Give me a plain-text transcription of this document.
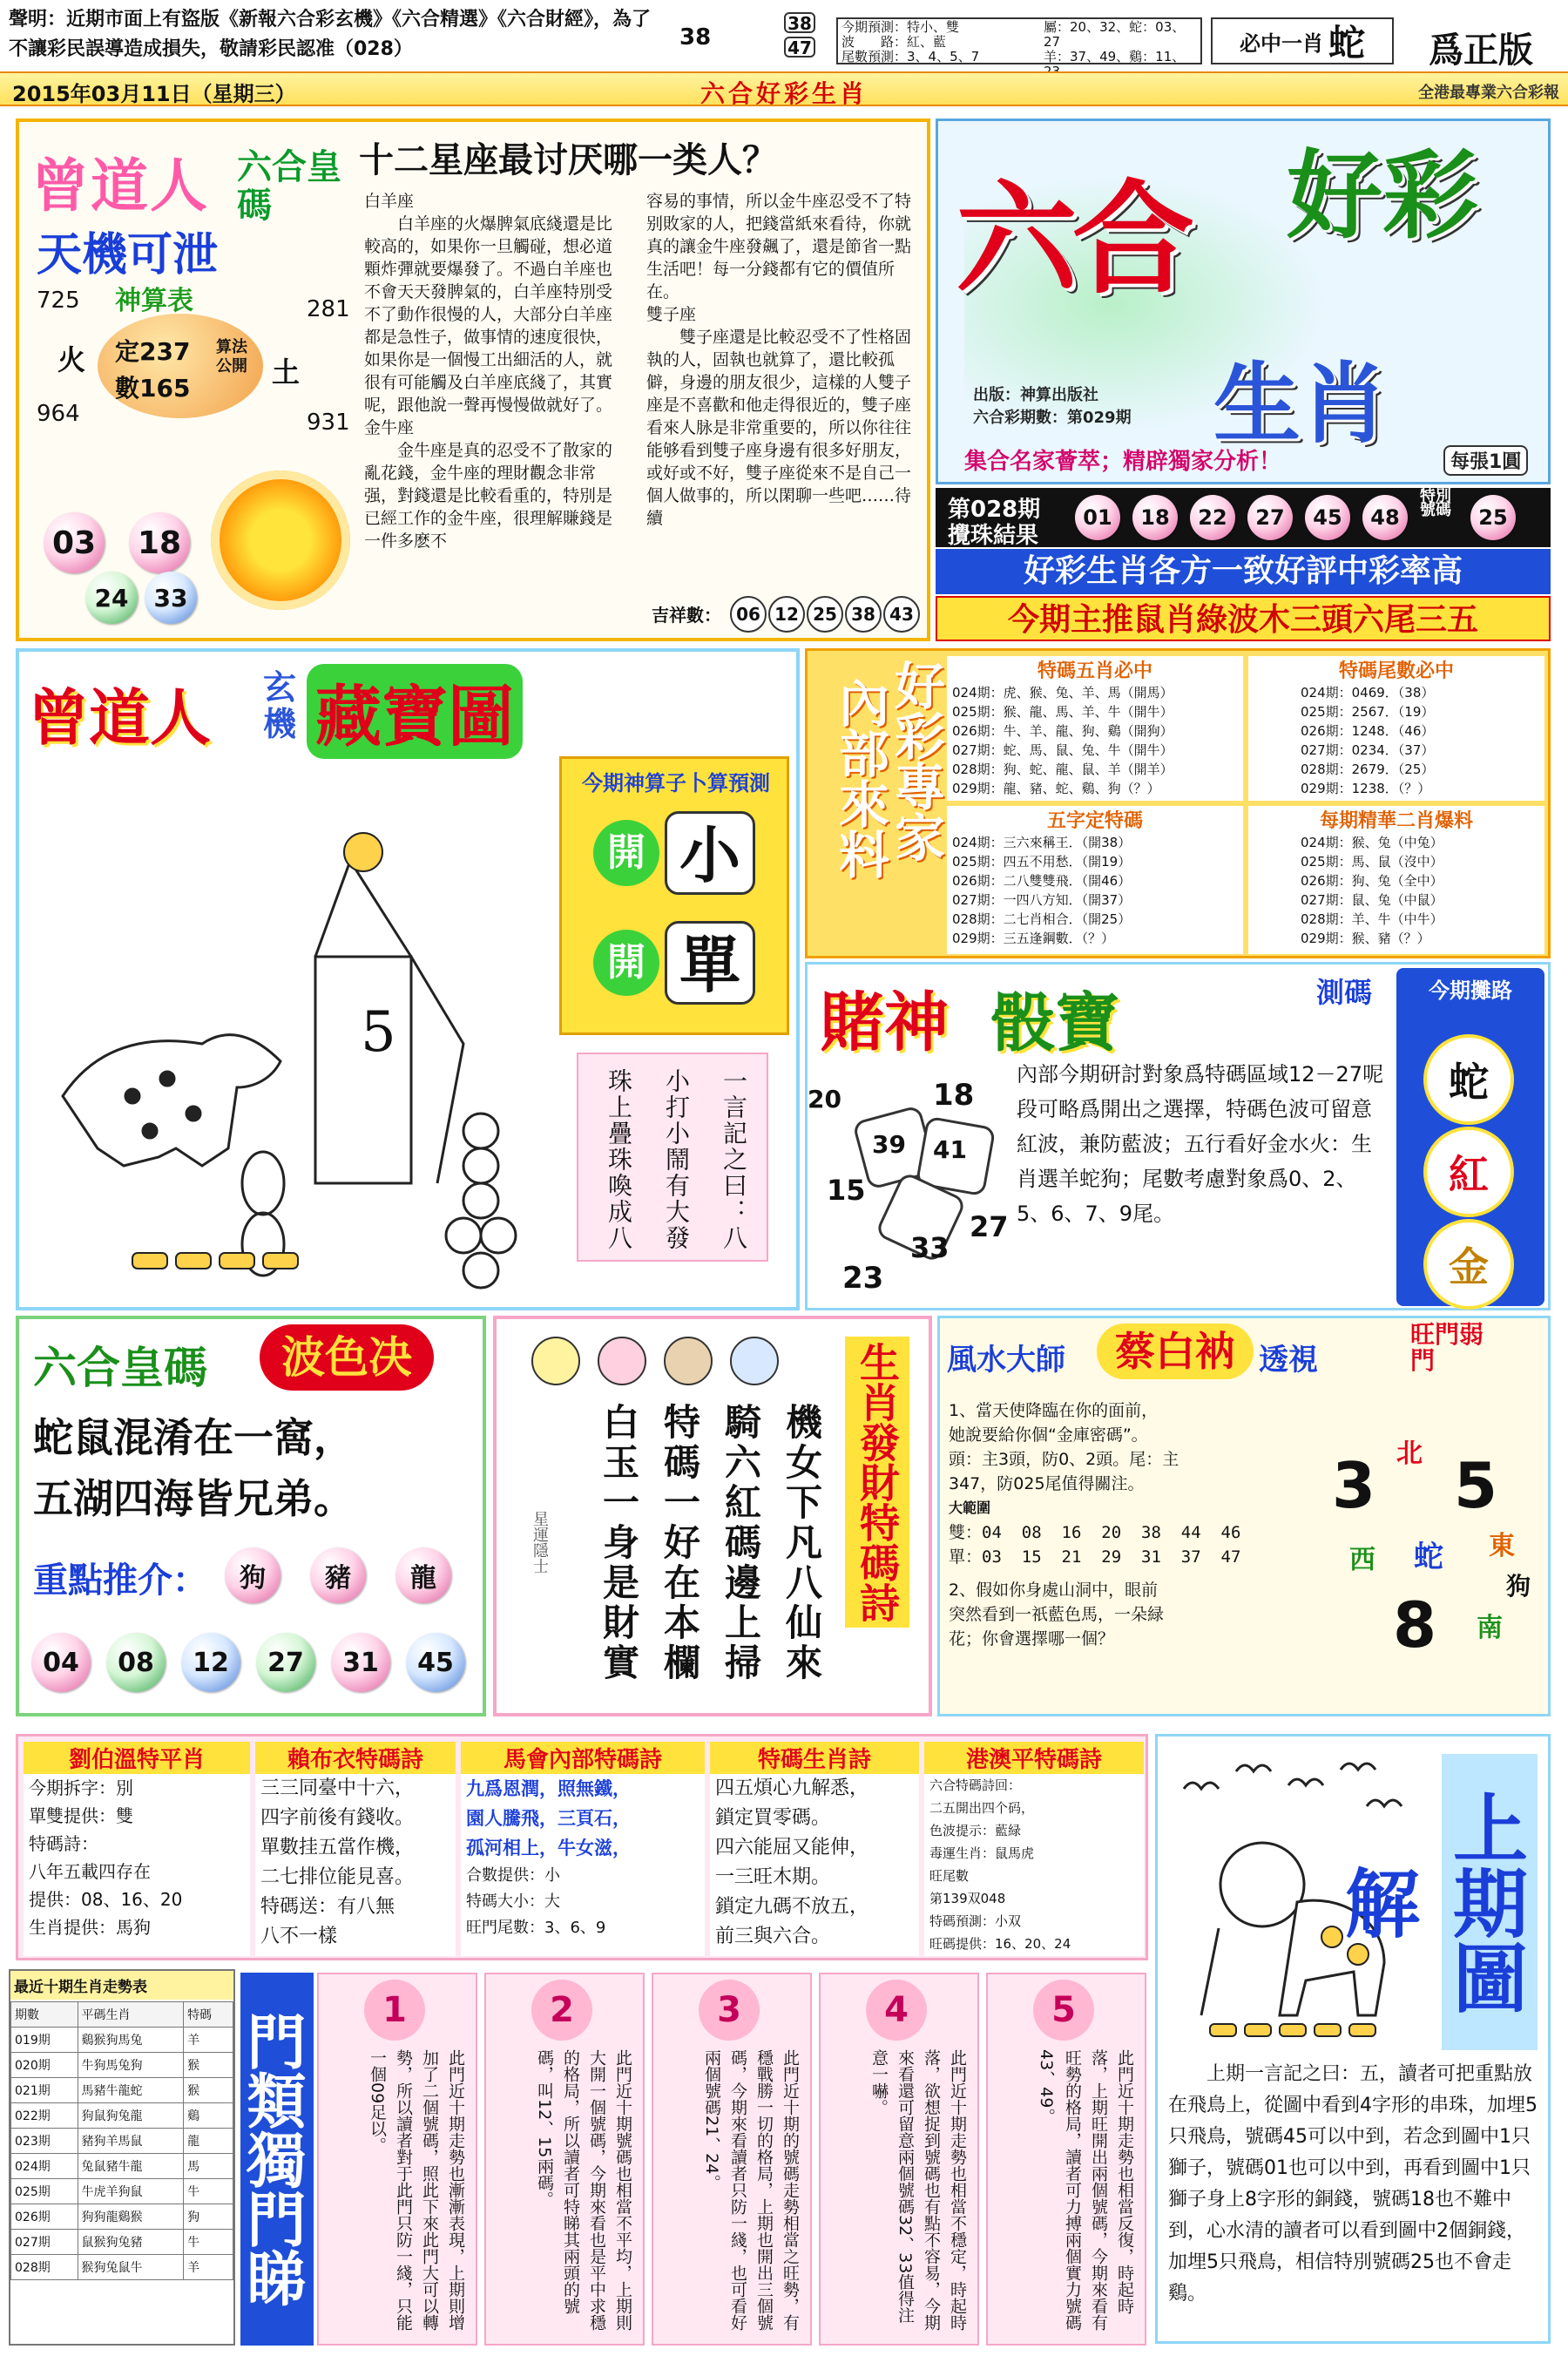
聲明：近期市面上有盜版《新報六合彩玄機》《六合精選》《六合財經》，為了不讓彩民誤導造成損失，敬請彩民認准（028）	38
38
47
今期預測：特小、雙
波　　路：紅、藍
尾數預測：3、4、5、7
屬：20、32、蛇：03、27
羊：37、49、鷄：11、
必中一肖 蛇	爲正版
2015年03月11日（星期三）	六合好彩生肖	全港最專業六合彩報
曾道人 六合皇碼
天機可泄
神算表
725
964
281
931
火	土
定237
數165
算法公開
03 18
24	33
十二星座最讨厌哪一类人？
白羊座
　　白羊座的火爆脾氣底綫還是比較高的，如果你一旦觸碰，想必道顆炸彈就要爆發了。不過白羊座也不會天天發脾氣的，白羊座特別受不了動作很慢的人，大部分白羊座都是急性子，做事情的速度很快，如果你是一個慢工出細活的人，就很有可能觸及白羊座底綫了，其實呢，跟他說一聲再慢慢做就好了。
金牛座
　　金牛座是真的忍受不了散家的亂花錢，金牛座的理財觀念非常强，對錢還是比較看重的，特別是已經工作的金牛座，很理解賺錢是一件多麽不
容易的事情，所以金牛座忍受不了特别敗家的人，把錢當紙來看待，你就真的讓金牛座發飆了，還是節省一點生活吧！每一分錢都有它的價值所在。
雙子座
　　雙子座還是比較忍受不了性格固執的人，固執也就算了，還比較孤僻，身邊的朋友很少，這樣的人雙子座是不喜歡和他走得很近的，雙子座看來人脉是非常重要的，所以你往往能够看到雙子座身邊有很多好朋友，或好或不好，雙子座從來不是自己一個人做事的，所以閑聊一些吧……待續
吉祥數： 06 12 25 38 43
六合 好彩
生肖
出版：神算出版社
六合彩期數：第029期
集合名家薈萃；精辟獨家分析！	每張1圓
第028期
攪珠結果
01	18	22	27	45	48
特別號碼	25
好彩生肖各方一致好評中彩率高
今期主推鼠肖綠波木三頭六尾三五
曾道人 玄機 藏寶圖
5
今期神算子卜算預測
開 小
開 單
一言記之曰：八
小打小鬧有大發
珠上疊珠喚成八
內部來料
好彩專家	特碼五肖必中
024期：虎、猴、兔、羊、馬（開馬）
025期：猴、龍、馬、羊、牛（開牛）
026期：牛、羊、龍、狗、鷄（開狗）
027期：蛇、馬、鼠、兔、牛（開牛）
028期：狗、蛇、龍、鼠、羊（開羊）
029期：龍、豬、蛇、鷄、狗（？）
特碼尾數必中
024期：0469．（38）
025期：2567．（19）
026期：1248．（46）
027期：0234．（37）
028期：2679．（25）
029期：1238．（？）
五字定特碼
024期：三六來稱王．（開38）
025期：四五不用愁．（開19）
026期：二八雙雙飛．（開46）
027期：一四八方知．（開37）
028期：二七肖相合．（開25）
029期：三五逢鋼數．（？）
每期精華二肖爆料
024期：猴、兔（中兔）
025期：馬、鼠（沒中）
026期：狗、兔（全中）
027期：鼠、兔（中鼠）
028期：羊、牛（中牛）
029期：猴、豬（？）
賭神 骰寶	測碼	今期攤路
蛇
紅
金
內部今期研討對象爲特碼區域12－27呢段可略爲開出之選擇，特碼色波可留意紅波，兼防藍波；五行看好金水火：生肖選羊蛇狗；尾數考慮對象爲0、2、5、6、7、9尾。
20	18
39 41
15
27
33
23
六合皇碼	波色决
蛇鼠混淆在一窩，
五湖四海皆兄弟。
重點推介：	狗	豬	龍
04	08	12	27	31	45	機女下凡八仙來
騎六紅碼邊上掃
特碼一好在本欄
白玉一身是財實
星運隱士	生肖發財特碼詩 風水大師	蔡白衲 透視
旺門弱門
1、當天使降臨在你的面前，
她說要給你個“金庫密碼”。
頭：主3頭，防0、2頭。尾：主
347，防025尾值得關注。
大範圍
雙：04  08  16  20  38  44  46
單：03  15  21  29  31  37  47
2、假如你身處山洞中，眼前
突然看到一祇藍色馬，一朵緑
花；你會選擇哪一個？
3 5
8
北
西 蛇 東
南
狗
劉伯溫特平肖
今期拆字：別
單雙提供：雙
特碼詩：
八年五載四存在
提供：08、16、20
生肖提供：馬狗
賴布衣特碼詩
三三同臺中十六，
四字前後有錢收。
單數挂五當作機，
二七排位能見喜。
特碼送：有八無
八不一樣
馬會內部特碼詩
九爲恩潤，照無鐵，
園人騰飛，三頁石，
孤河相上，牛女滋，
合數提供：小
特碼大小：大
旺門尾數：3、6、9
特碼生肖詩
四五煩心九解悉，
鎖定買零碼。
四六能屈又能伸，
一三旺木期。
鎖定九碼不放五，
前三與六合。
港澳平特碼詩
六合特碼詩回：
二五開出四个码，
色波提示：藍緑
毒運生肖：鼠馬虎
旺尾數
第139双048
特碼預測：小双
旺碼提供：16、20、24	上期圖解
上期一言記之曰：五，讀者可把重點放在飛鳥上，從圖中看到4字形的串珠，加埋5只飛鳥，號碼45可以中到，若念到圖中1只獅子，號碼01也可以中到，再看到圖中1只獅子身上8字形的銅錢，號碼18也不難中到，心水清的讀者可以看到圖中2個銅錢，加埋5只飛鳥，相信特別號碼25也不會走鷄。
最近十期生肖走勢表
期數	平碼生肖	特碼
019期	鷄猴狗馬兔	羊
020期	牛狗馬兔狗	猴
021期	馬豬牛龍蛇	猴
022期	狗鼠狗兔龍	鷄
023期	豬狗羊馬鼠	龍
024期	兔鼠豬牛龍	馬
025期	牛虎羊狗鼠	牛
026期	狗狗龍鷄猴	狗
027期	鼠猴狗兔豬	牛
028期	猴狗兔鼠牛	羊 門類獨門睇
1
此門近十期走勢也漸漸表現，上期則增加了二個號碼，照此下來此門大可以轉勢，所以讀者對于此門只防一綫，只能一個09足以。
2
此門近十期號碼也相當不平均，上期則大開一個號碼，今期來看也是平中求穩的格局，所以讀者可特睇其兩頭的號碼，叫12、15兩碼。
3
此門近十期的號碼走勢相當之旺勢，有穩戰勝一切的格局，上期也開出三個號碼，今期來看讀者只防一綫，也可看好兩個號碼21、24。
4
此門近十期走勢也相當不穩定，時起時落，欲想捉到號碼也有點不容易，今期來看還可留意兩個號碼32、33值得注意一嚇。
5
此門近十期走勢也相當反復，時起時落，上期旺開出兩個號碼，今期來看有旺勢的格局，讀者可力搏兩個實力號碼43、49。
